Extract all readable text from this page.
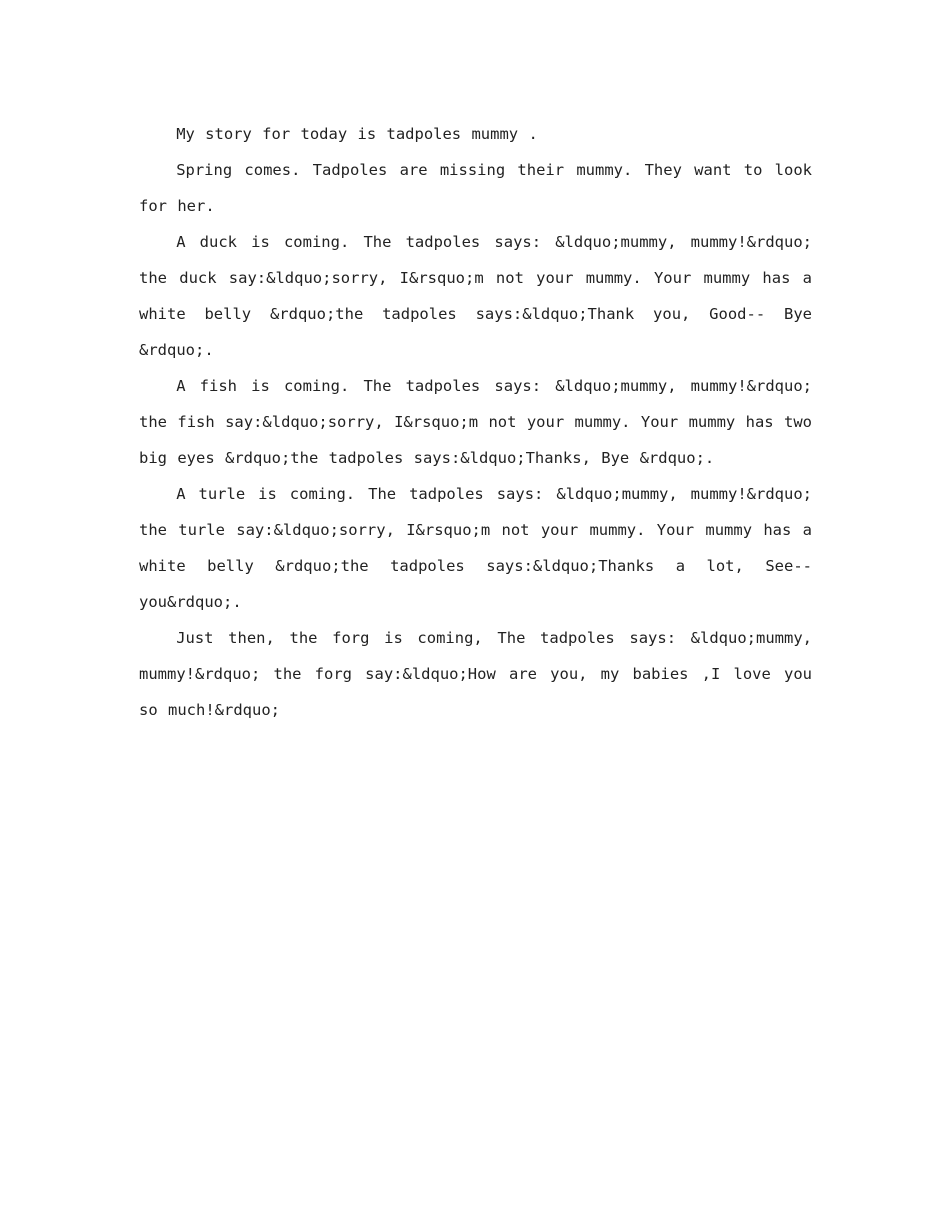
My story for today is tadpoles mummy .

Spring comes. Tadpoles are missing their mummy. They want to look for her.

A duck is coming. The tadpoles says: &ldquo;mummy, mummy!&rdquo; the duck say:&ldquo;sorry, I&rsquo;m not your mummy. Your mummy has a white belly &rdquo;the tadpoles says:&ldquo;Thank you, Good-- Bye &rdquo;.

A fish is coming. The tadpoles says: &ldquo;mummy, mummy!&rdquo; the fish say:&ldquo;sorry, I&rsquo;m not your mummy. Your mummy has two big eyes &rdquo;the tadpoles says:&ldquo;Thanks, Bye &rdquo;.

A turle is coming. The tadpoles says: &ldquo;mummy, mummy!&rdquo; the turle say:&ldquo;sorry, I&rsquo;m not your mummy. Your mummy has a white belly &rdquo;the tadpoles says:&ldquo;Thanks a lot, See-- you&rdquo;.

Just then, the forg is coming, The tadpoles says: &ldquo;mummy, mummy!&rdquo; the forg say:&ldquo;How are you, my babies ,I love you so much!&rdquo;
